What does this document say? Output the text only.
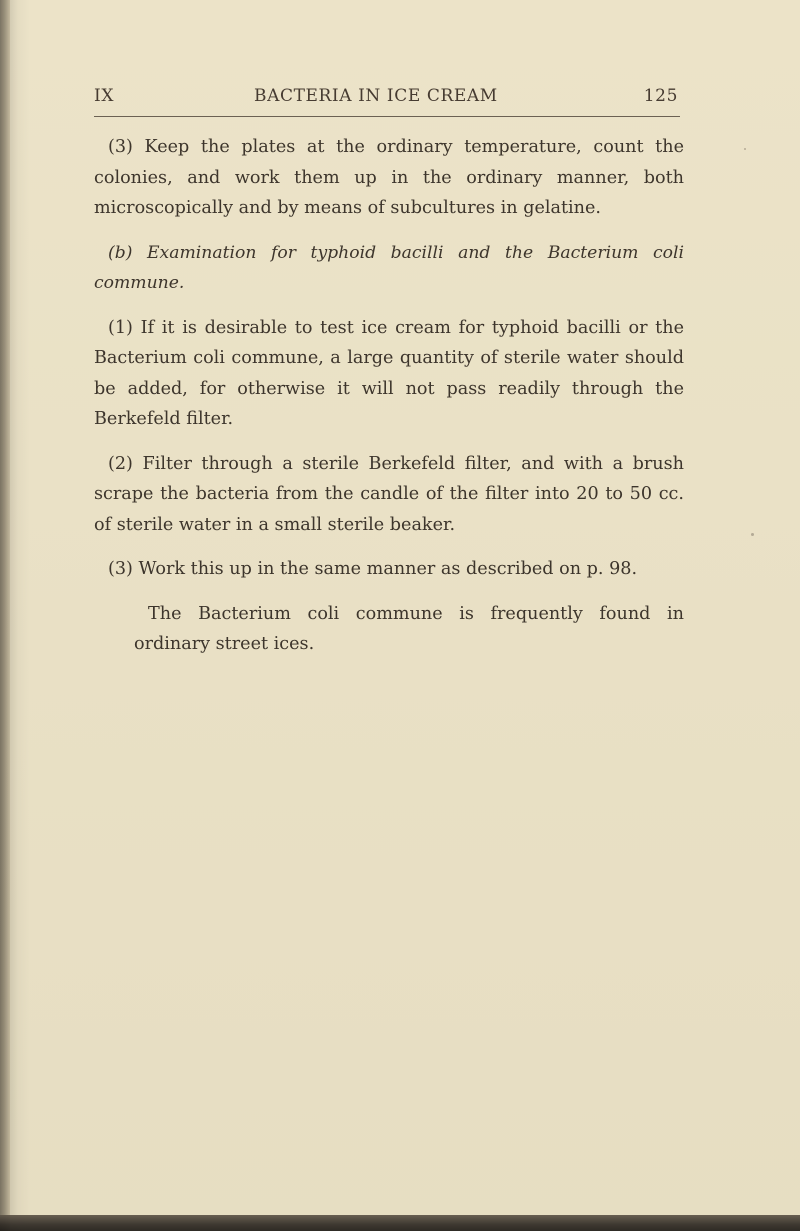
IX	BACTERIA IN ICE CREAM	125

(3) Keep the plates at the ordinary temperature, count the colonies, and work them up in the ordinary manner, both microscopically and by means of subcultures in gelatine.

(b) Examination for typhoid bacilli and the Bacterium coli commune.

(1) If it is desirable to test ice cream for typhoid bacilli or the Bacterium coli commune, a large quantity of sterile water should be added, for otherwise it will not pass readily through the Berkefeld filter.

(2) Filter through a sterile Berkefeld filter, and with a brush scrape the bacteria from the candle of the filter into 20 to 50 cc. of sterile water in a small sterile beaker.

(3) Work this up in the same manner as described on p. 98.

The Bacterium coli commune is frequently found in ordinary street ices.
